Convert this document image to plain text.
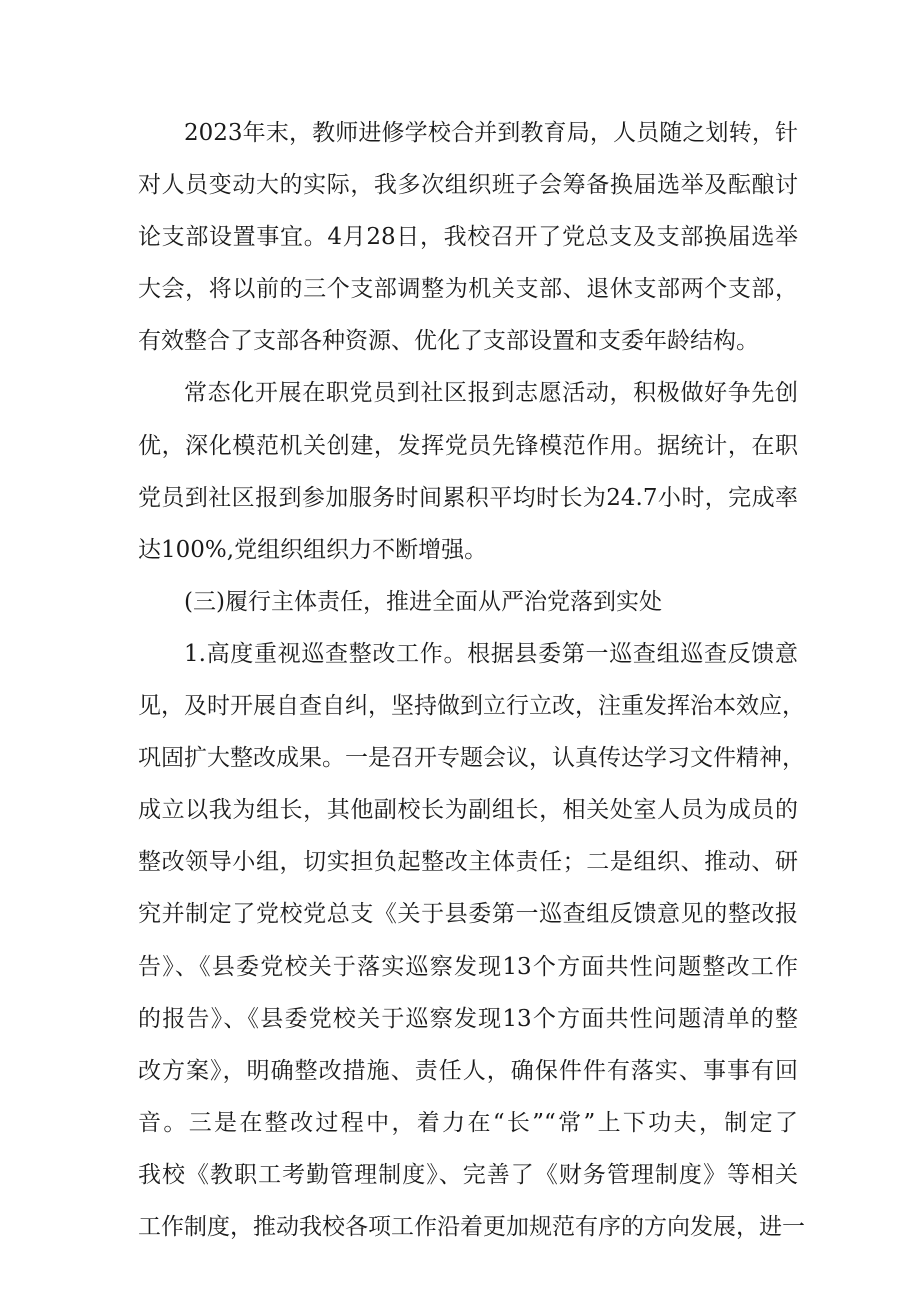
2023年末，教师进修学校合并到教育局，人员随之划转，针
对人员变动大的实际，我多次组织班子会筹备换届选举及酝酿讨
论支部设置事宜。4月28日，我校召开了党总支及支部换届选举
大会，将以前的三个支部调整为机关支部、退休支部两个支部，
有效整合了支部各种资源、优化了支部设置和支委年龄结构。
常态化开展在职党员到社区报到志愿活动，积极做好争先创
优，深化模范机关创建，发挥党员先锋模范作用。据统计，在职
党员到社区报到参加服务时间累积平均时长为24.7小时，完成率
达100%,党组织组织力不断增强。
(三)履行主体责任，推进全面从严治党落到实处
1.高度重视巡查整改工作。根据县委第一巡查组巡查反馈意
见，及时开展自查自纠，坚持做到立行立改，注重发挥治本效应，
巩固扩大整改成果。一是召开专题会议，认真传达学习文件精神，
成立以我为组长，其他副校长为副组长，相关处室人员为成员的
整改领导小组，切实担负起整改主体责任；二是组织、推动、研
究并制定了党校党总支《关于县委第一巡查组反馈意见的整改报
告》、《县委党校关于落实巡察发现13个方面共性问题整改工作
的报告》、《县委党校关于巡察发现13个方面共性问题清单的整
改方案》，明确整改措施、责任人，确保件件有落实、事事有回
音。三是在整改过程中，着力在“长”“常”上下功夫，制定了
我校《教职工考勤管理制度》、完善了《财务管理制度》等相关
工作制度，推动我校各项工作沿着更加规范有序的方向发展，进一
